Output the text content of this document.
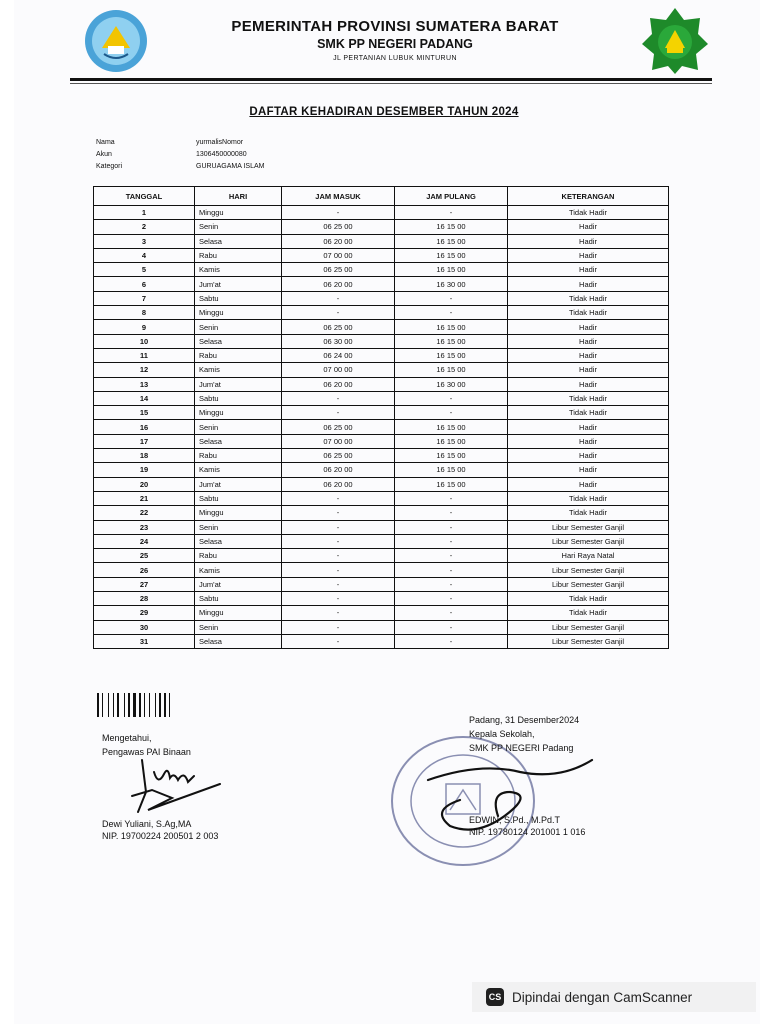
PEMERINTAH PROVINSI SUMATERA BARAT
SMK PP NEGERI PADANG
JL PERTANIAN LUBUK MINTURUN
DAFTAR KEHADIRAN DESEMBER TAHUN 2024
Nama	yurmalisNomor
Akun	1306450000080
Kategori	GURUAGAMA ISLAM
TANGGAL	HARI	JAM MASUK	JAM PULANG	KETERANGAN
1	Minggu	-	-	Tidak Hadir
2	Senin	06 25 00	16 15 00	Hadir
3	Selasa	06 20 00	16 15 00	Hadir
4	Rabu	07 00 00	16 15 00	Hadir
5	Kamis	06 25 00	16 15 00	Hadir
6	Jum'at	06 20 00	16 30 00	Hadir
7	Sabtu	-	-	Tidak Hadir
8	Minggu	-	-	Tidak Hadir
9	Senin	06 25 00	16 15 00	Hadir
10	Selasa	06 30 00	16 15 00	Hadir
11	Rabu	06 24 00	16 15 00	Hadir
12	Kamis	07 00 00	16 15 00	Hadir
13	Jum'at	06 20 00	16 30 00	Hadir
14	Sabtu	-	-	Tidak Hadir
15	Minggu	-	-	Tidak Hadir
16	Senin	06 25 00	16 15 00	Hadir
17	Selasa	07 00 00	16 15 00	Hadir
18	Rabu	06 25 00	16 15 00	Hadir
19	Kamis	06 20 00	16 15 00	Hadir
20	Jum'at	06 20 00	16 15 00	Hadir
21	Sabtu	-	-	Tidak Hadir
22	Minggu	-	-	Tidak Hadir
23	Senin	-	-	Libur Semester Ganjil
24	Selasa	-	-	Libur Semester Ganjil
25	Rabu	-	-	Hari Raya Natal
26	Kamis	-	-	Libur Semester Ganjil
27	Jum'at	-	-	Libur Semester Ganjil
28	Sabtu	-	-	Tidak Hadir
29	Minggu	-	-	Tidak Hadir
30	Senin	-	-	Libur Semester Ganjil
31	Selasa	-	-	Libur Semester Ganjil
Mengetahui,
Pengawas PAI Binaan
Dewi Yuliani, S.Ag,MA
NIP. 19700224 200501 2 003
Padang, 31 Desember2024
Kepala Sekolah,
SMK PP NEGERI Padang
EDWIN, S.Pd., M.Pd.T
NIP. 19780124 201001 1 016
CS Dipindai dengan CamScanner
